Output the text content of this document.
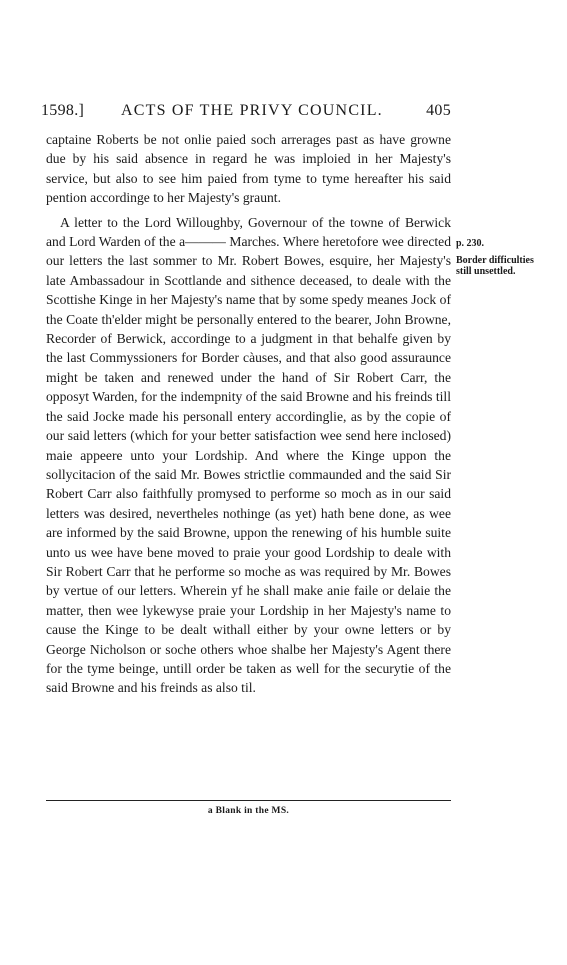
1598.] ACTS OF THE PRIVY COUNCIL.	405

captaine Roberts be not onlie paied soch arrerages past as have growne due by his said absence in regard he was imploied in her Majesty's service, but also to see him paied from tyme to tyme hereafter his said pention accordinge to her Majesty's graunt.

A letter to the Lord Willoughby, Governour of the towne of Berwick and Lord Warden of the a——— Marches. Where heretofore wee directed our letters the last sommer to Mr. Robert Bowes, esquire, her Majesty's late Ambassadour in Scottlande and sithence deceased, to deale with the Scottishe Kinge in her Majesty's name that by some spedy meanes Jock of the Coate th'elder might be personally entered to the bearer, John Browne, Recorder of Berwick, accordinge to a judgment in that behalfe given by the last Commyssioners for Border càuses, and that also good assuraunce might be taken and renewed under the hand of Sir Robert Carr, the opposyt Warden, for the indempnity of the said Browne and his freinds till the said Jocke made his personall entery accordinglie, as by the copie of our said letters (which for your better satisfaction wee send here inclosed) maie appeere unto your Lordship. And where the Kinge uppon the sollycitacion of the said Mr. Bowes strictlie commaunded and the said Sir Robert Carr also faithfully promysed to performe so moch as in our said letters was desired, nevertheles nothinge (as yet) hath bene done, as wee are informed by the said Browne, uppon the renewing of his humble suite unto us wee have bene moved to praie your good Lordship to deale with Sir Robert Carr that he performe so moche as was required by Mr. Bowes by vertue of our letters. Wherein yf he shall make anie faile or delaie the matter, then wee lykewyse praie your Lordship in her Majesty's name to cause the Kinge to be dealt withall either by your owne letters or by George Nicholson or soche others whoe shalbe her Majesty's Agent there for the tyme beinge, untill order be taken as well for the securytie of the said Browne and his freinds as also til.

p. 230.
Border difficulties still unsettled.
a Blank in the MS.
